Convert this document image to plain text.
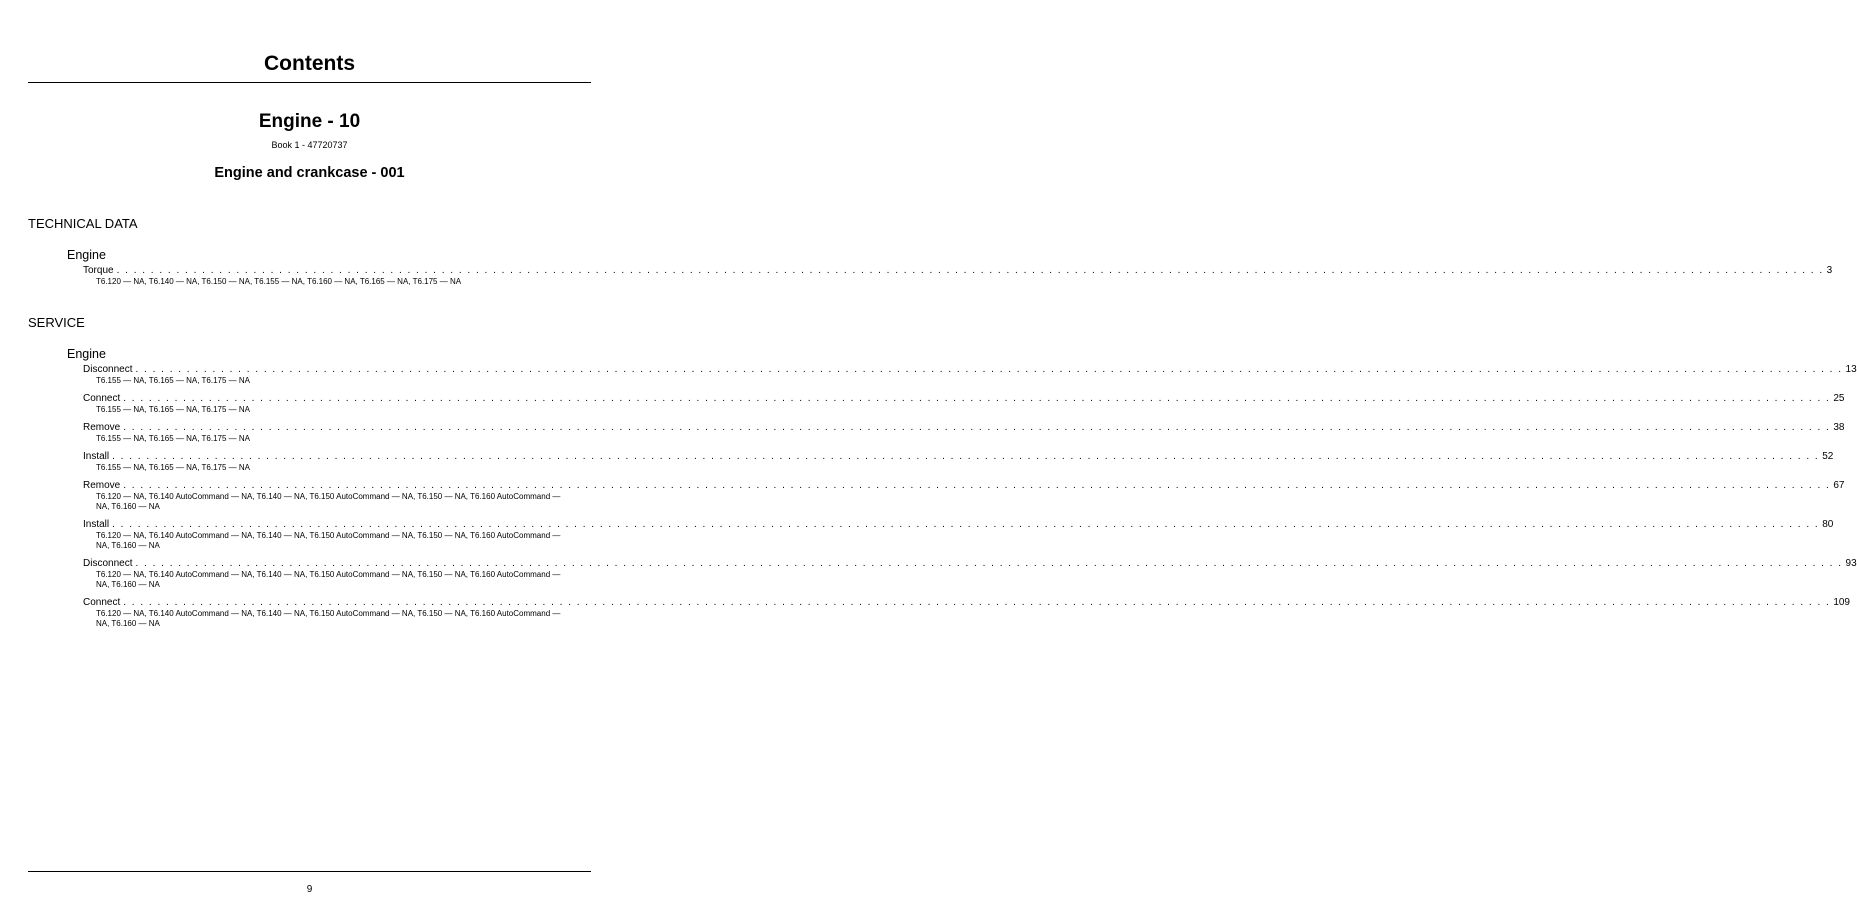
Contents
Engine - 10
Book 1 - 47720737
Engine and crankcase - 001
TECHNICAL DATA
Engine
Torque . . . . . . . . . . . . . . . . . . . . . . . . . . . . . . . . . . . . . . . . . . . . . . . . . . . . . . . . . . . . . . . . . . . . . . . . . . . . . . . . . . . . . . . . . . . . . . . . . . . . . . . . . . . . . . . . . . . . . . . . . . . . . . . . . . . . . . . . . . . . . . . . . . . . . . . . . . . . . . . . . . . . . . . . . . . . . . . . . . . . . . . . . . . . . . . . . . . . . . . . 3
T6.120 — NA, T6.140 — NA, T6.150 — NA, T6.155 — NA, T6.160 — NA, T6.165 — NA, T6.175 — NA
SERVICE
Engine
Disconnect . . . . . . . . . . . . . . . . . . . . . . . . . . . . . . . . . . . . . . . . . . . . . . . . . . . . . . . . . . . . . . . . . . . . . . . . . . . . . . . . . . . . . . . . . . . . . . . . . . . . . . . . . . . . . . . . . . . . . . . . . . . . . . . . . . . . . . . . . . . . . . . . . . . . . . . . . . . . . . . . . . . . . . . . . . . . . . . . . . . . . . . . . . . . . . . . . . . . . . . . 13
T6.155 — NA, T6.165 — NA, T6.175 — NA
Connect . . . . . . . . . . . . . . . . . . . . . . . . . . . . . . . . . . . . . . . . . . . . . . . . . . . . . . . . . . . . . . . . . . . . . . . . . . . . . . . . . . . . . . . . . . . . . . . . . . . . . . . . . . . . . . . . . . . . . . . . . . . . . . . . . . . . . . . . . . . . . . . . . . . . . . . . . . . . . . . . . . . . . . . . . . . . . . . . . . . . . . . . . . . . . . . . . . . . . . . . 25
T6.155 — NA, T6.165 — NA, T6.175 — NA
Remove . . . . . . . . . . . . . . . . . . . . . . . . . . . . . . . . . . . . . . . . . . . . . . . . . . . . . . . . . . . . . . . . . . . . . . . . . . . . . . . . . . . . . . . . . . . . . . . . . . . . . . . . . . . . . . . . . . . . . . . . . . . . . . . . . . . . . . . . . . . . . . . . . . . . . . . . . . . . . . . . . . . . . . . . . . . . . . . . . . . . . . . . . . . . . . . . . . . . . . . . 38
T6.155 — NA, T6.165 — NA, T6.175 — NA
Install . . . . . . . . . . . . . . . . . . . . . . . . . . . . . . . . . . . . . . . . . . . . . . . . . . . . . . . . . . . . . . . . . . . . . . . . . . . . . . . . . . . . . . . . . . . . . . . . . . . . . . . . . . . . . . . . . . . . . . . . . . . . . . . . . . . . . . . . . . . . . . . . . . . . . . . . . . . . . . . . . . . . . . . . . . . . . . . . . . . . . . . . . . . . . . . . . . . . . . . . 52
T6.155 — NA, T6.165 — NA, T6.175 — NA
Remove . . . . . . . . . . . . . . . . . . . . . . . . . . . . . . . . . . . . . . . . . . . . . . . . . . . . . . . . . . . . . . . . . . . . . . . . . . . . . . . . . . . . . . . . . . . . . . . . . . . . . . . . . . . . . . . . . . . . . . . . . . . . . . . . . . . . . . . . . . . . . . . . . . . . . . . . . . . . . . . . . . . . . . . . . . . . . . . . . . . . . . . . . . . . . . . . . . . . . . . . 67
T6.120 — NA, T6.140 AutoCommand — NA, T6.140 — NA, T6.150 AutoCommand — NA, T6.150 — NA, T6.160 AutoCommand — NA, T6.160 — NA
Install . . . . . . . . . . . . . . . . . . . . . . . . . . . . . . . . . . . . . . . . . . . . . . . . . . . . . . . . . . . . . . . . . . . . . . . . . . . . . . . . . . . . . . . . . . . . . . . . . . . . . . . . . . . . . . . . . . . . . . . . . . . . . . . . . . . . . . . . . . . . . . . . . . . . . . . . . . . . . . . . . . . . . . . . . . . . . . . . . . . . . . . . . . . . . . . . . . . . . . . . 80
T6.120 — NA, T6.140 AutoCommand — NA, T6.140 — NA, T6.150 AutoCommand — NA, T6.150 — NA, T6.160 AutoCommand — NA, T6.160 — NA
Disconnect . . . . . . . . . . . . . . . . . . . . . . . . . . . . . . . . . . . . . . . . . . . . . . . . . . . . . . . . . . . . . . . . . . . . . . . . . . . . . . . . . . . . . . . . . . . . . . . . . . . . . . . . . . . . . . . . . . . . . . . . . . . . . . . . . . . . . . . . . . . . . . . . . . . . . . . . . . . . . . . . . . . . . . . . . . . . . . . . . . . . . . . . . . . . . . . . . . . . . . . . 93
T6.120 — NA, T6.140 AutoCommand — NA, T6.140 — NA, T6.150 AutoCommand — NA, T6.150 — NA, T6.160 AutoCommand — NA, T6.160 — NA
Connect . . . . . . . . . . . . . . . . . . . . . . . . . . . . . . . . . . . . . . . . . . . . . . . . . . . . . . . . . . . . . . . . . . . . . . . . . . . . . . . . . . . . . . . . . . . . . . . . . . . . . . . . . . . . . . . . . . . . . . . . . . . . . . . . . . . . . . . . . . . . . . . . . . . . . . . . . . . . . . . . . . . . . . . . . . . . . . . . . . . . . . . . . . . . . . . . . . . . . . . . 109
T6.120 — NA, T6.140 AutoCommand — NA, T6.140 — NA, T6.150 AutoCommand — NA, T6.150 — NA, T6.160 AutoCommand — NA, T6.160 — NA
9
